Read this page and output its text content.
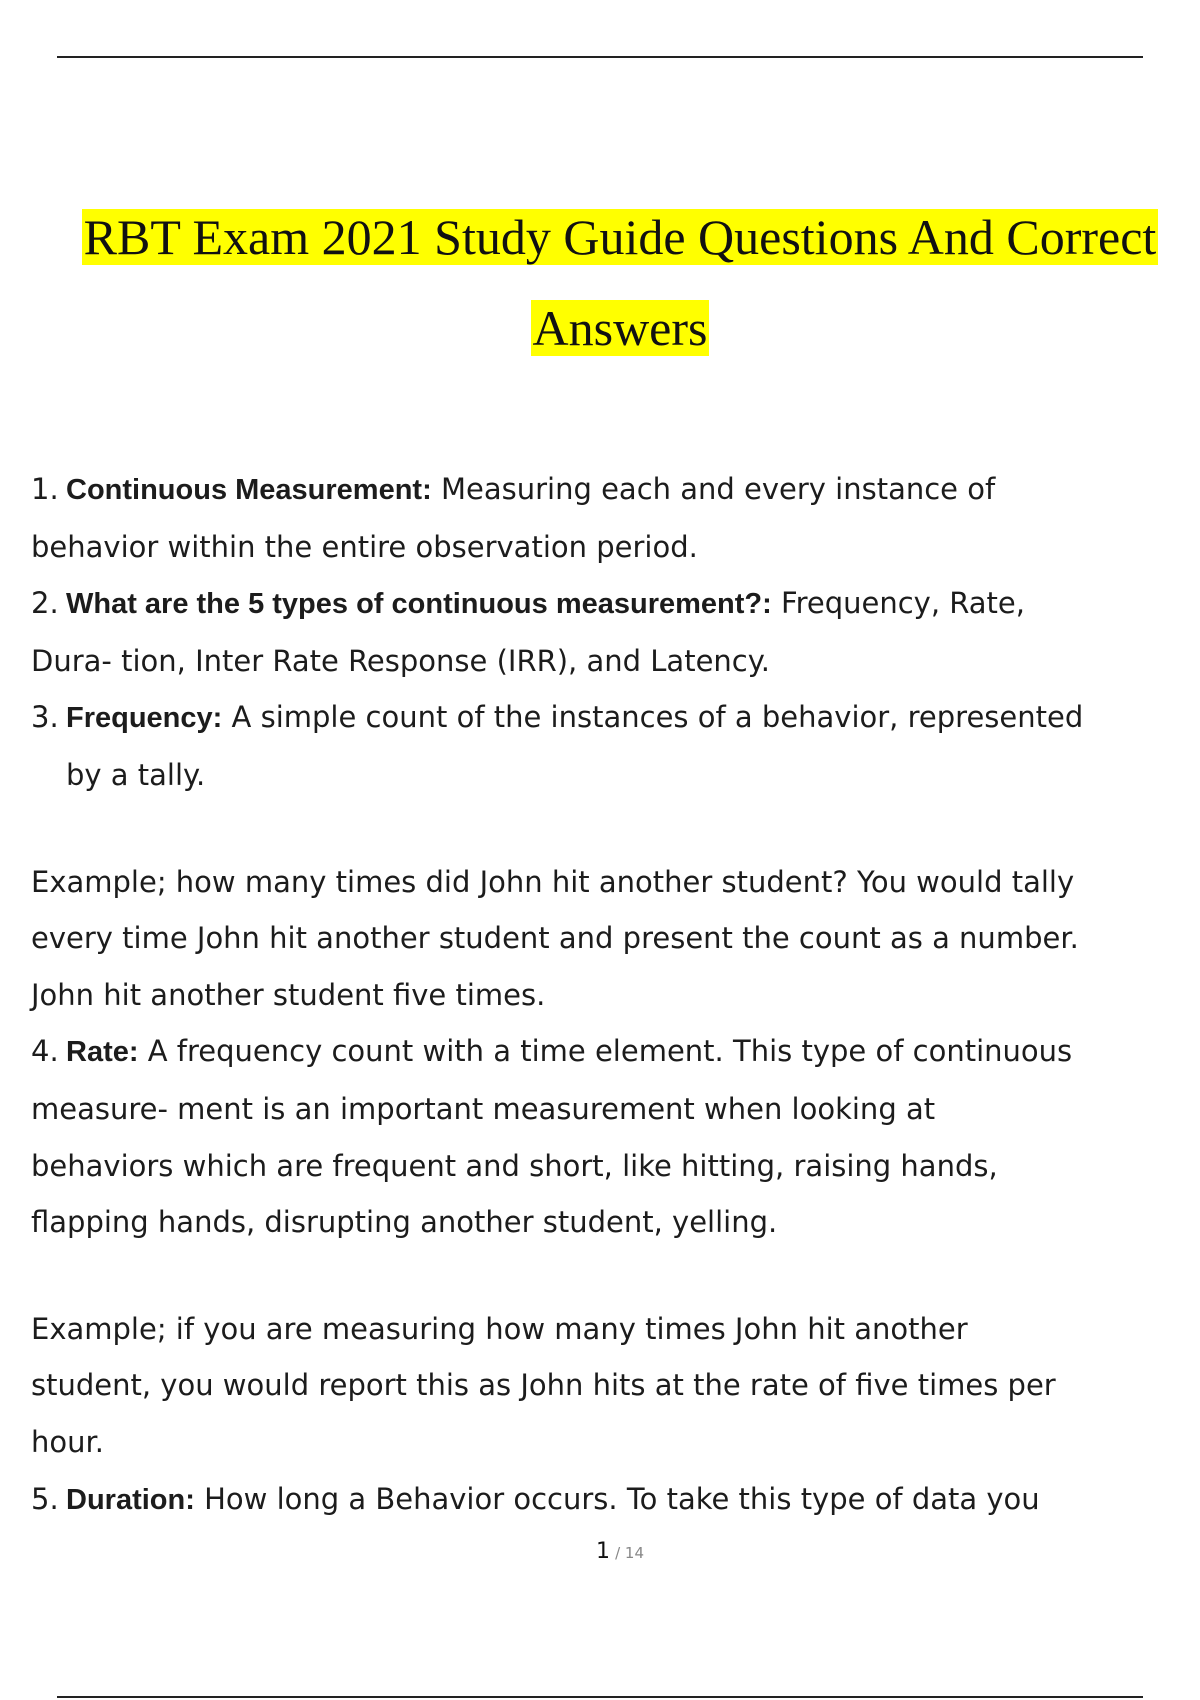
RBT Exam 2021 Study Guide Questions And Correct
Answers
1. Continuous Measurement: Measuring each and every instance of
behavior within the entire observation period.
2. What are the 5 types of continuous measurement?: Frequency, Rate,
Dura- tion, Inter Rate Response (IRR), and Latency.
3. Frequency: A simple count of the instances of a behavior, represented
by a tally.
Example; how many times did John hit another student? You would tally
every time John hit another student and present the count as a number.
John hit another student five times.
4. Rate: A frequency count with a time element. This type of continuous
measure- ment is an important measurement when looking at
behaviors which are frequent and short, like hitting, raising hands,
flapping hands, disrupting another student, yelling.
Example; if you are measuring how many times John hit another
student, you would report this as John hits at the rate of five times per
hour.
5. Duration: How long a Behavior occurs. To take this type of data you
1 / 14
